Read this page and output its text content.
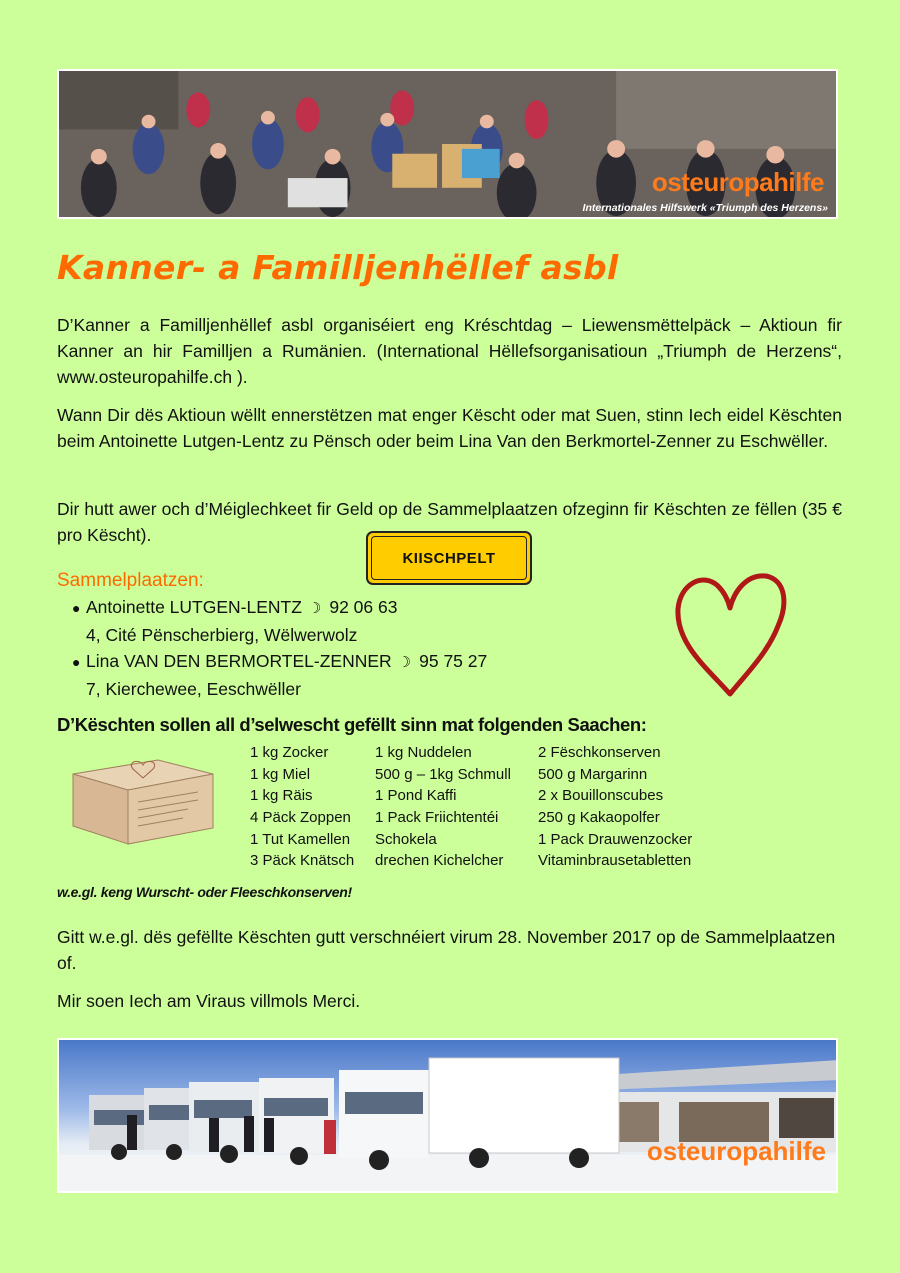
osteuropahilfe
Internationales Hilfswerk «Triumph des Herzens»
Kanner- a Familljenhëllef asbl

D’Kanner a Familljenhëllef asbl organiséiert eng Kréschtdag – Liewensmëttelpäck – Aktioun fir Kanner an hir Familljen a Rumänien. (International Hëllefsorganisatioun „Triumph de Herzens“, www.osteuropahilfe.ch ).

Wann Dir dës Aktioun wëllt ennerstëtzen mat enger Këscht oder mat Suen, stinn Iech eidel Këschten beim Antoinette Lutgen-Lentz zu Pënsch oder beim Lina Van den Berkmortel-Zenner zu Eschwëller.

Dir hutt awer och d’Méiglechkeet fir Geld op de Sammelplaatzen ofzeginn fir Këschten ze fëllen (35 € pro Këscht).

KIISCHPELT
Sammelplaatzen:
● Antoinette LUTGEN-LENTZ ☽ 92 06 63
4, Cité Pënscherbierg, Wëlwerwolz
● Lina VAN DEN BERMORTEL-ZENNER ☽ 95 75 27
7, Kierchewee, Eeschwëller
D’Këschten sollen all d’selwescht gefëllt sinn mat folgenden Saachen:
1 kg Zocker
1 kg Miel
1 kg Räis
4 Päck Zoppen
1 Tut Kamellen
3 Päck Knätsch
1 kg Nuddelen
500 g – 1kg Schmull
1 Pond Kaffi
1 Pack Friichtentéi
Schokela
drechen Kichelcher
2 Fëschkonserven
500 g Margarinn
2 x Bouillonscubes
250 g Kakaopolfer
1 Pack Drauwenzocker
Vitaminbrausetabletten
w.e.gl. keng Wurscht- oder Fleeschkonserven!

Gitt w.e.gl. dës gefëllte Këschten gutt verschnéiert virum 28. November 2017 op de Sammelplaatzen of.

Mir soen Iech am Viraus villmols Merci.

osteuropahilfe
